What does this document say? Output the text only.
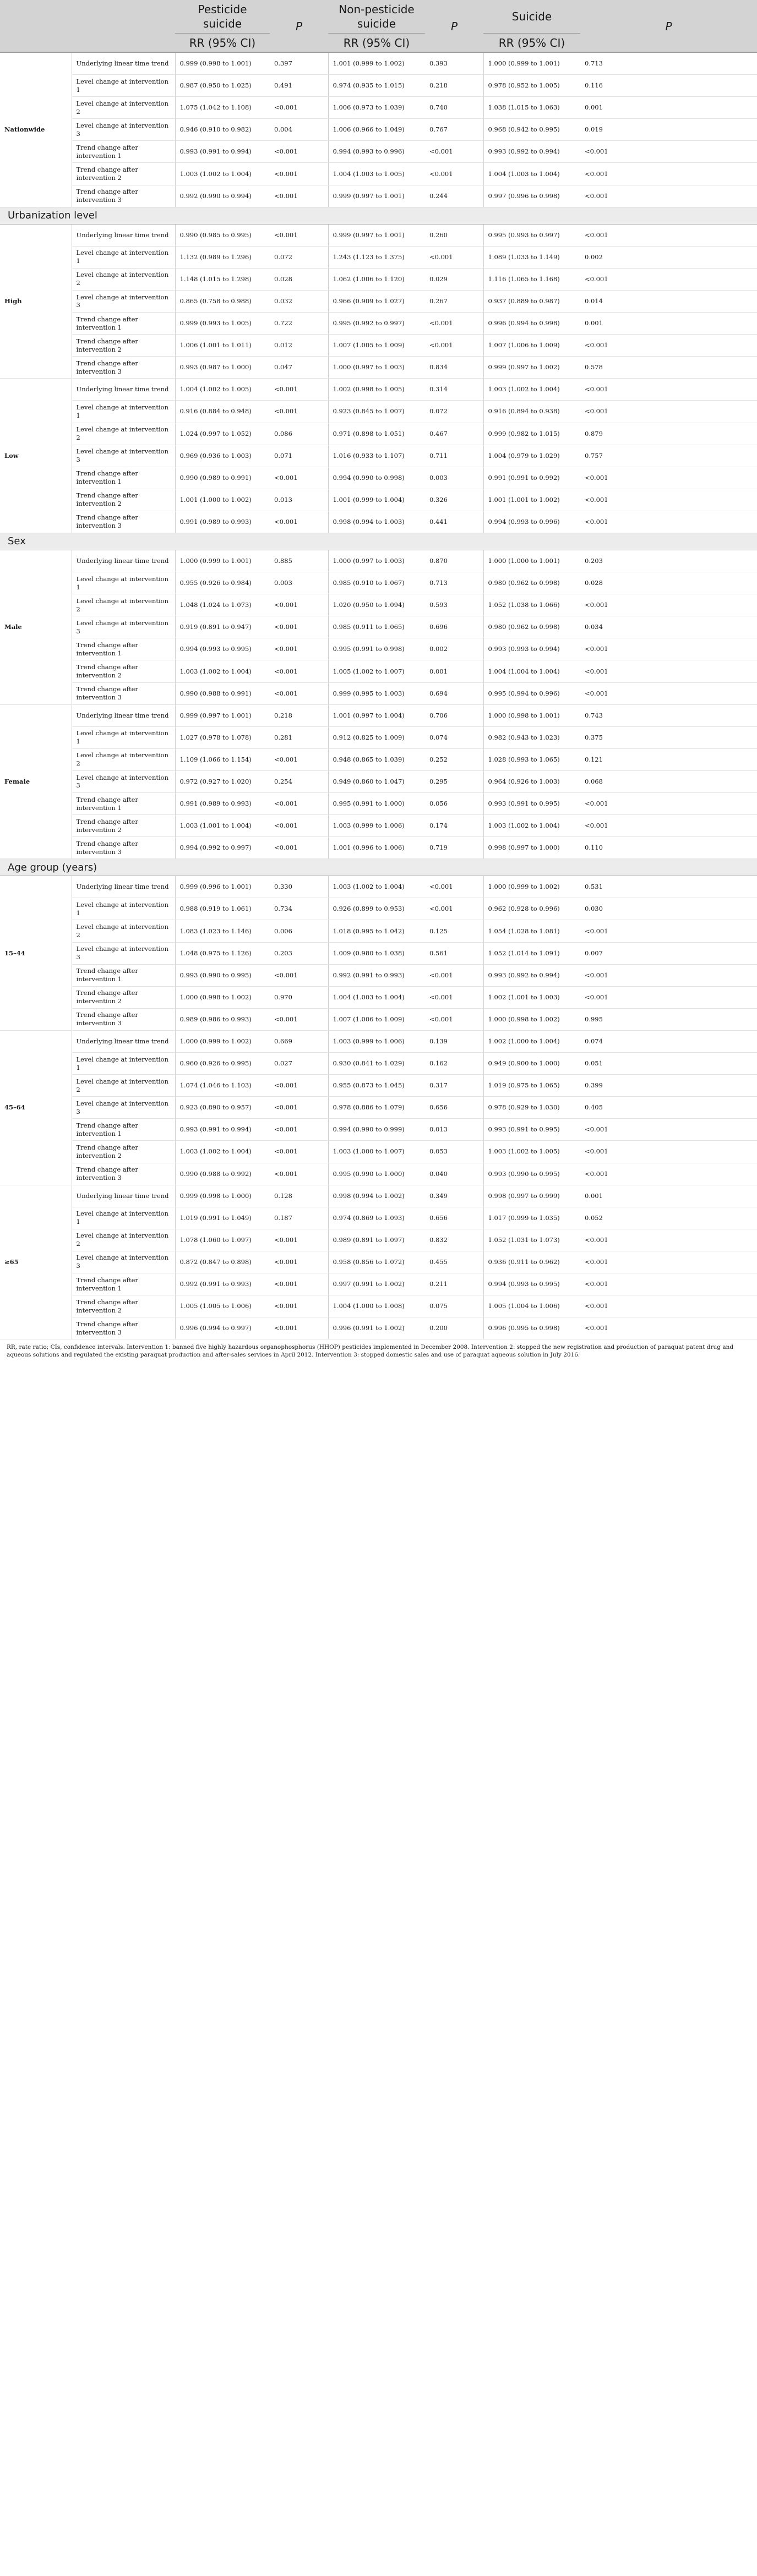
		Pesticide suicide	P	Non-pesticide suicide	P	Suicide	P
		RR (95% CI)		RR (95% CI)		RR (95% CI)	
Nationwide	Underlying linear time trend	0.999 (0.998 to 1.001)	0.397	1.001 (0.999 to 1.002)	0.393	1.000 (0.999 to 1.001)	0.713
	Level change at intervention 1	0.987 (0.950 to 1.025)	0.491	0.974 (0.935 to 1.015)	0.218	0.978 (0.952 to 1.005)	0.116
	Level change at intervention 2	1.075 (1.042 to 1.108)	<0.001	1.006 (0.973 to 1.039)	0.740	1.038 (1.015 to 1.063)	0.001
	Level change at intervention 3	0.946 (0.910 to 0.982)	0.004	1.006 (0.966 to 1.049)	0.767	0.968 (0.942 to 0.995)	0.019
	Trend change after intervention 1	0.993 (0.991 to 0.994)	<0.001	0.994 (0.993 to 0.996)	<0.001	0.993 (0.992 to 0.994)	<0.001
	Trend change after intervention 2	1.003 (1.002 to 1.004)	<0.001	1.004 (1.003 to 1.005)	<0.001	1.004 (1.003 to 1.004)	<0.001
	Trend change after intervention 3	0.992 (0.990 to 0.994)	<0.001	0.999 (0.997 to 1.001)	0.244	0.997 (0.996 to 0.998)	<0.001
Urbanization level							
High	Underlying linear time trend	0.990 (0.985 to 0.995)	<0.001	0.999 (0.997 to 1.001)	0.260	0.995 (0.993 to 0.997)	<0.001
	Level change at intervention 1	1.132 (0.989 to 1.296)	0.072	1.243 (1.123 to 1.375)	<0.001	1.089 (1.033 to 1.149)	0.002
	Level change at intervention 2	1.148 (1.015 to 1.298)	0.028	1.062 (1.006 to 1.120)	0.029	1.116 (1.065 to 1.168)	<0.001
	Level change at intervention 3	0.865 (0.758 to 0.988)	0.032	0.966 (0.909 to 1.027)	0.267	0.937 (0.889 to 0.987)	0.014
	Trend change after intervention 1	0.999 (0.993 to 1.005)	0.722	0.995 (0.992 to 0.997)	<0.001	0.996 (0.994 to 0.998)	0.001
	Trend change after intervention 2	1.006 (1.001 to 1.011)	0.012	1.007 (1.005 to 1.009)	<0.001	1.007 (1.006 to 1.009)	<0.001
	Trend change after intervention 3	0.993 (0.987 to 1.000)	0.047	1.000 (0.997 to 1.003)	0.834	0.999 (0.997 to 1.002)	0.578
Low	Underlying linear time trend	1.004 (1.002 to 1.005)	<0.001	1.002 (0.998 to 1.005)	0.314	1.003 (1.002 to 1.004)	<0.001
	Level change at intervention 1	0.916 (0.884 to 0.948)	<0.001	0.923 (0.845 to 1.007)	0.072	0.916 (0.894 to 0.938)	<0.001
	Level change at intervention 2	1.024 (0.997 to 1.052)	0.086	0.971 (0.898 to 1.051)	0.467	0.999 (0.982 to 1.015)	0.879
	Level change at intervention 3	0.969 (0.936 to 1.003)	0.071	1.016 (0.933 to 1.107)	0.711	1.004 (0.979 to 1.029)	0.757
	Trend change after intervention 1	0.990 (0.989 to 0.991)	<0.001	0.994 (0.990 to 0.998)	0.003	0.991 (0.991 to 0.992)	<0.001
	Trend change after intervention 2	1.001 (1.000 to 1.002)	0.013	1.001 (0.999 to 1.004)	0.326	1.001 (1.001 to 1.002)	<0.001
	Trend change after intervention 3	0.991 (0.989 to 0.993)	<0.001	0.998 (0.994 to 1.003)	0.441	0.994 (0.993 to 0.996)	<0.001
Sex							
Male	Underlying linear time trend	1.000 (0.999 to 1.001)	0.885	1.000 (0.997 to 1.003)	0.870	1.000 (1.000 to 1.001)	0.203
	Level change at intervention 1	0.955 (0.926 to 0.984)	0.003	0.985 (0.910 to 1.067)	0.713	0.980 (0.962 to 0.998)	0.028
	Level change at intervention 2	1.048 (1.024 to 1.073)	<0.001	1.020 (0.950 to 1.094)	0.593	1.052 (1.038 to 1.066)	<0.001
	Level change at intervention 3	0.919 (0.891 to 0.947)	<0.001	0.985 (0.911 to 1.065)	0.696	0.980 (0.962 to 0.998)	0.034
	Trend change after intervention 1	0.994 (0.993 to 0.995)	<0.001	0.995 (0.991 to 0.998)	0.002	0.993 (0.993 to 0.994)	<0.001
	Trend change after intervention 2	1.003 (1.002 to 1.004)	<0.001	1.005 (1.002 to 1.007)	0.001	1.004 (1.004 to 1.004)	<0.001
	Trend change after intervention 3	0.990 (0.988 to 0.991)	<0.001	0.999 (0.995 to 1.003)	0.694	0.995 (0.994 to 0.996)	<0.001
Female	Underlying linear time trend	0.999 (0.997 to 1.001)	0.218	1.001 (0.997 to 1.004)	0.706	1.000 (0.998 to 1.001)	0.743
	Level change at intervention 1	1.027 (0.978 to 1.078)	0.281	0.912 (0.825 to 1.009)	0.074	0.982 (0.943 to 1.023)	0.375
	Level change at intervention 2	1.109 (1.066 to 1.154)	<0.001	0.948 (0.865 to 1.039)	0.252	1.028 (0.993 to 1.065)	0.121
	Level change at intervention 3	0.972 (0.927 to 1.020)	0.254	0.949 (0.860 to 1.047)	0.295	0.964 (0.926 to 1.003)	0.068
	Trend change after intervention 1	0.991 (0.989 to 0.993)	<0.001	0.995 (0.991 to 1.000)	0.056	0.993 (0.991 to 0.995)	<0.001
	Trend change after intervention 2	1.003 (1.001 to 1.004)	<0.001	1.003 (0.999 to 1.006)	0.174	1.003 (1.002 to 1.004)	<0.001
	Trend change after intervention 3	0.994 (0.992 to 0.997)	<0.001	1.001 (0.996 to 1.006)	0.719	0.998 (0.997 to 1.000)	0.110
Age group (years)							
15–44	Underlying linear time trend	0.999 (0.996 to 1.001)	0.330	1.003 (1.002 to 1.004)	<0.001	1.000 (0.999 to 1.002)	0.531
	Level change at intervention 1	0.988 (0.919 to 1.061)	0.734	0.926 (0.899 to 0.953)	<0.001	0.962 (0.928 to 0.996)	0.030
	Level change at intervention 2	1.083 (1.023 to 1.146)	0.006	1.018 (0.995 to 1.042)	0.125	1.054 (1.028 to 1.081)	<0.001
	Level change at intervention 3	1.048 (0.975 to 1.126)	0.203	1.009 (0.980 to 1.038)	0.561	1.052 (1.014 to 1.091)	0.007
	Trend change after intervention 1	0.993 (0.990 to 0.995)	<0.001	0.992 (0.991 to 0.993)	<0.001	0.993 (0.992 to 0.994)	<0.001
	Trend change after intervention 2	1.000 (0.998 to 1.002)	0.970	1.004 (1.003 to 1.004)	<0.001	1.002 (1.001 to 1.003)	<0.001
	Trend change after intervention 3	0.989 (0.986 to 0.993)	<0.001	1.007 (1.006 to 1.009)	<0.001	1.000 (0.998 to 1.002)	0.995
45–64	Underlying linear time trend	1.000 (0.999 to 1.002)	0.669	1.003 (0.999 to 1.006)	0.139	1.002 (1.000 to 1.004)	0.074
	Level change at intervention 1	0.960 (0.926 to 0.995)	0.027	0.930 (0.841 to 1.029)	0.162	0.949 (0.900 to 1.000)	0.051
	Level change at intervention 2	1.074 (1.046 to 1.103)	<0.001	0.955 (0.873 to 1.045)	0.317	1.019 (0.975 to 1.065)	0.399
	Level change at intervention 3	0.923 (0.890 to 0.957)	<0.001	0.978 (0.886 to 1.079)	0.656	0.978 (0.929 to 1.030)	0.405
	Trend change after intervention 1	0.993 (0.991 to 0.994)	<0.001	0.994 (0.990 to 0.999)	0.013	0.993 (0.991 to 0.995)	<0.001
	Trend change after intervention 2	1.003 (1.002 to 1.004)	<0.001	1.003 (1.000 to 1.007)	0.053	1.003 (1.002 to 1.005)	<0.001
	Trend change after intervention 3	0.990 (0.988 to 0.992)	<0.001	0.995 (0.990 to 1.000)	0.040	0.993 (0.990 to 0.995)	<0.001
≥65	Underlying linear time trend	0.999 (0.998 to 1.000)	0.128	0.998 (0.994 to 1.002)	0.349	0.998 (0.997 to 0.999)	0.001
	Level change at intervention 1	1.019 (0.991 to 1.049)	0.187	0.974 (0.869 to 1.093)	0.656	1.017 (0.999 to 1.035)	0.052
	Level change at intervention 2	1.078 (1.060 to 1.097)	<0.001	0.989 (0.891 to 1.097)	0.832	1.052 (1.031 to 1.073)	<0.001
	Level change at intervention 3	0.872 (0.847 to 0.898)	<0.001	0.958 (0.856 to 1.072)	0.455	0.936 (0.911 to 0.962)	<0.001
	Trend change after intervention 1	0.992 (0.991 to 0.993)	<0.001	0.997 (0.991 to 1.002)	0.211	0.994 (0.993 to 0.995)	<0.001
	Trend change after intervention 2	1.005 (1.005 to 1.006)	<0.001	1.004 (1.000 to 1.008)	0.075	1.005 (1.004 to 1.006)	<0.001
	Trend change after intervention 3	0.996 (0.994 to 0.997)	<0.001	0.996 (0.991 to 1.002)	0.200	0.996 (0.995 to 0.998)	<0.001
RR, rate ratio; CIs, confidence intervals. Intervention 1: banned five highly hazardous organophosphorus (HHOP) pesticides implemented in December 2008. Intervention 2: stopped the new registration and production of paraquat patent drug and aqueous solutions and regulated the existing paraquat production and after-sales services in April 2012. Intervention 3: stopped domestic sales and use of paraquat aqueous solution in July 2016.
